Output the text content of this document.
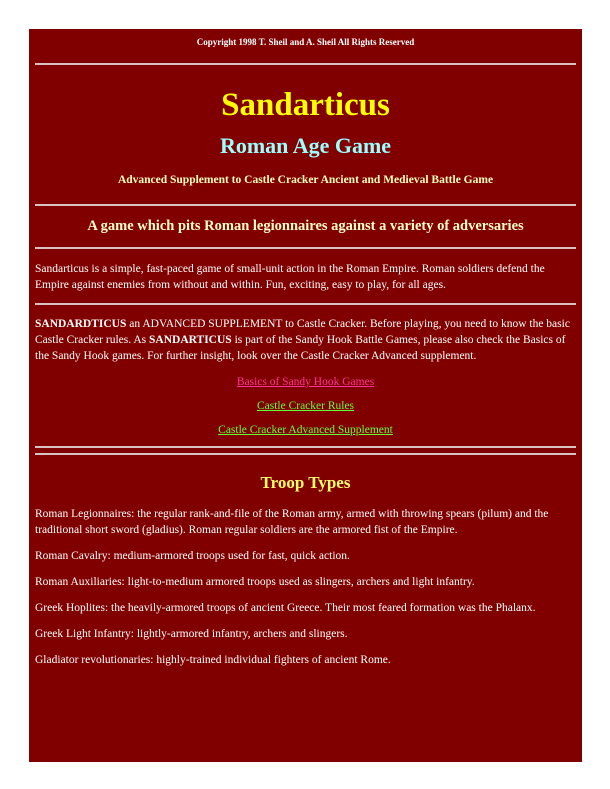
Copyright 1998 T. Sheil and A. Sheil All Rights Reserved
Sandarticus
Roman Age Game
Advanced Supplement to Castle Cracker Ancient and Medieval Battle Game
A game which pits Roman legionnaires against a variety of adversaries

Sandarticus is a simple, fast-paced game of small-unit action in the Roman Empire. Roman soldiers defend the Empire against enemies from without and within. Fun, exciting, easy to play, for all ages.

SANDARDTICUS an ADVANCED SUPPLEMENT to Castle Cracker. Before playing, you need to know the basic Castle Cracker rules. As SANDARTICUS is part of the Sandy Hook Battle Games, please also check the Basics of the Sandy Hook games. For further insight, look over the Castle Cracker Advanced supplement.

Basics of Sandy Hook Games
Castle Cracker Rules
Castle Cracker Advanced Supplement
Troop Types

Roman Legionnaires: the regular rank-and-file of the Roman army, armed with throwing spears (pilum) and the traditional short sword (gladius). Roman regular soldiers are the armored fist of the Empire.

Roman Cavalry: medium-armored troops used for fast, quick action.

Roman Auxiliaries: light-to-medium armored troops used as slingers, archers and light infantry.

Greek Hoplites: the heavily-armored troops of ancient Greece. Their most feared formation was the Phalanx.

Greek Light Infantry: lightly-armored infantry, archers and slingers.

Gladiator revolutionaries: highly-trained individual fighters of ancient Rome.
